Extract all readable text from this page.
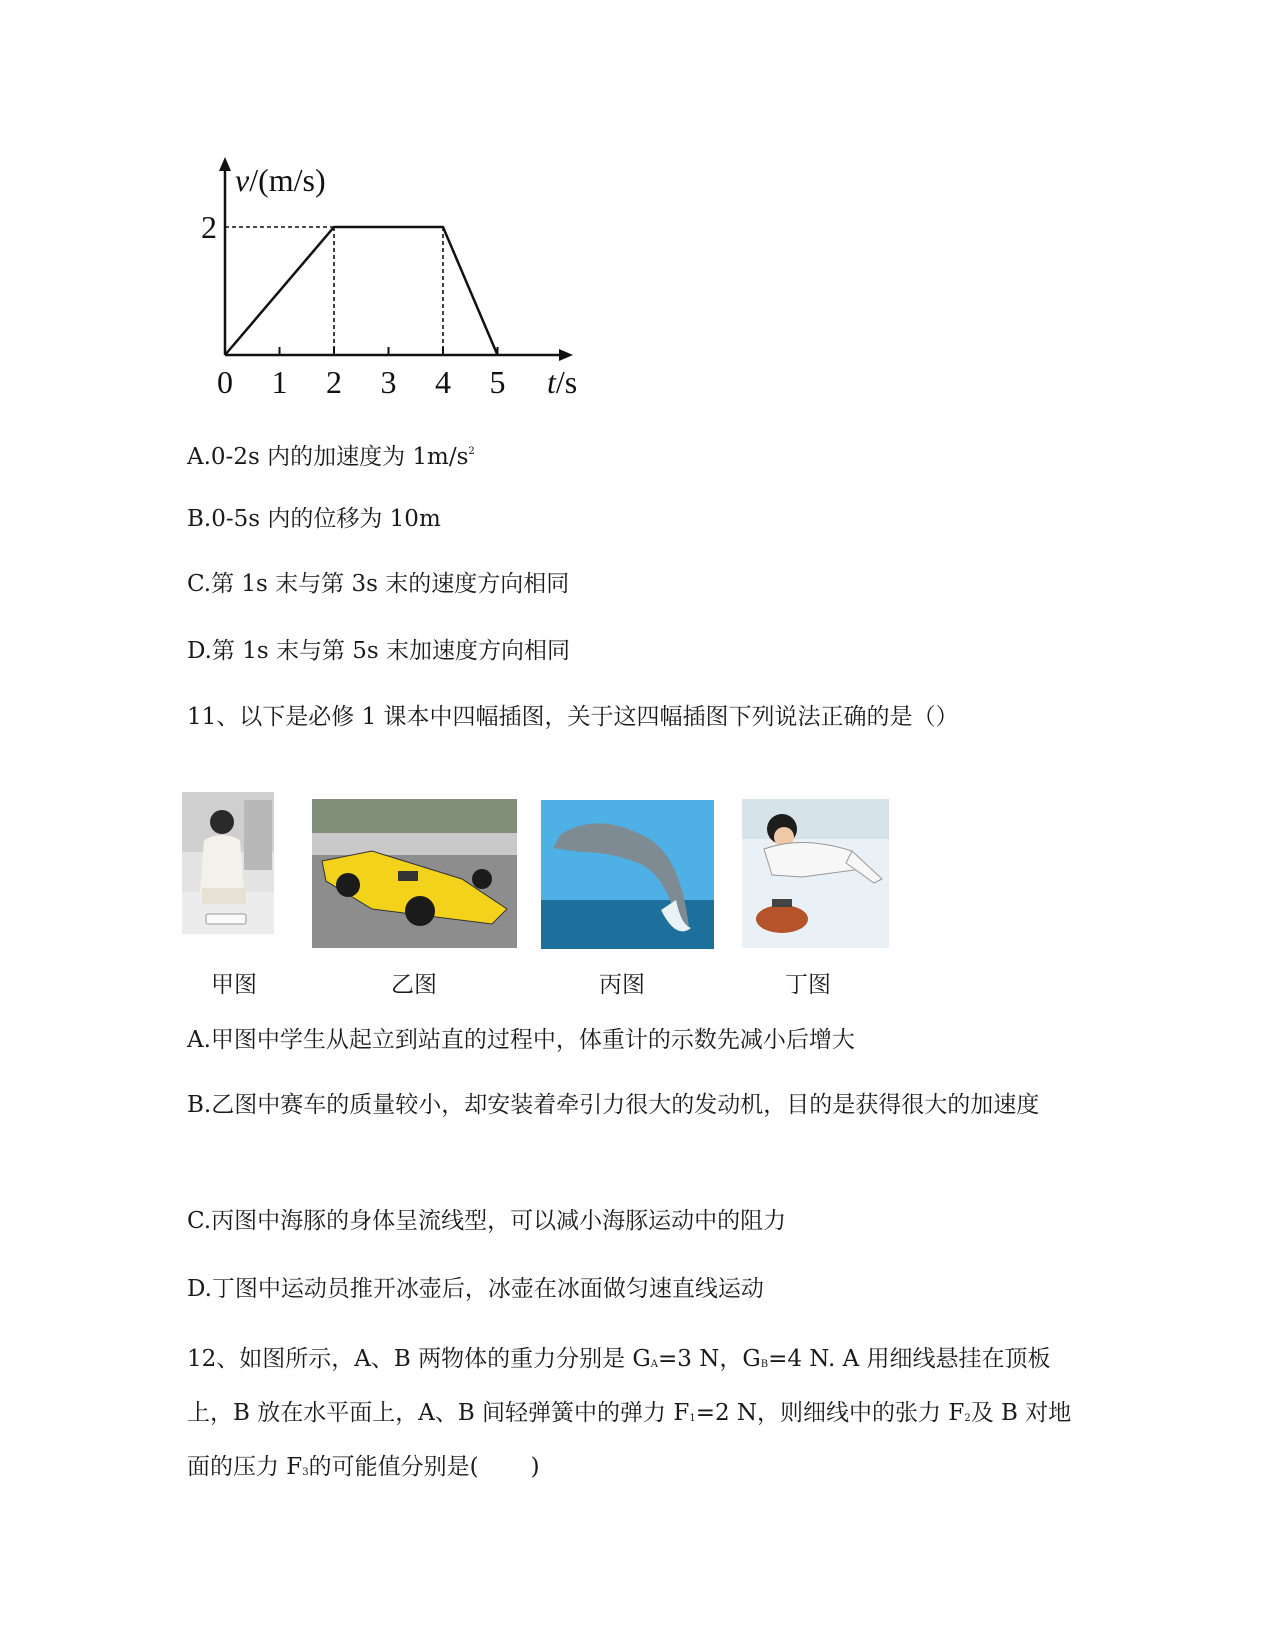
v/(m/s)
2
0 1 2 3 4 5 t/s
A.0-2s 内的加速度为 $1m/s^2$
B.0-5s 内的位移为 10m
C.第 1s 末与第 3s 末的速度方向相同
D.第 1s 末与第 5s 末加速度方向相同
11、以下是必修 1 课本中四幅插图，关于这四幅插图下列说法正确的是（）
甲图	乙图	丙图	丁图
A.甲图中学生从起立到站直的过程中，体重计的示数先减小后增大
B.乙图中赛车的质量较小，却安装着牵引力很大的发动机，目的是获得很大的加速度
C.丙图中海豚的身体呈流线型，可以减小海豚运动中的阻力
D.丁图中运动员推开冰壶后，冰壶在冰面做匀速直线运动
12、如图所示，A、B 两物体的重力分别是 $G_A=3$ N，$G_B=4$ N. A 用细线悬挂在顶板上，B 放在水平面上，A、B 间轻弹簧中的弹力 $F_1=2$ N，则细线中的张力 $F_2$及 B 对地面的压力 $F_3$的可能值分别是( )
